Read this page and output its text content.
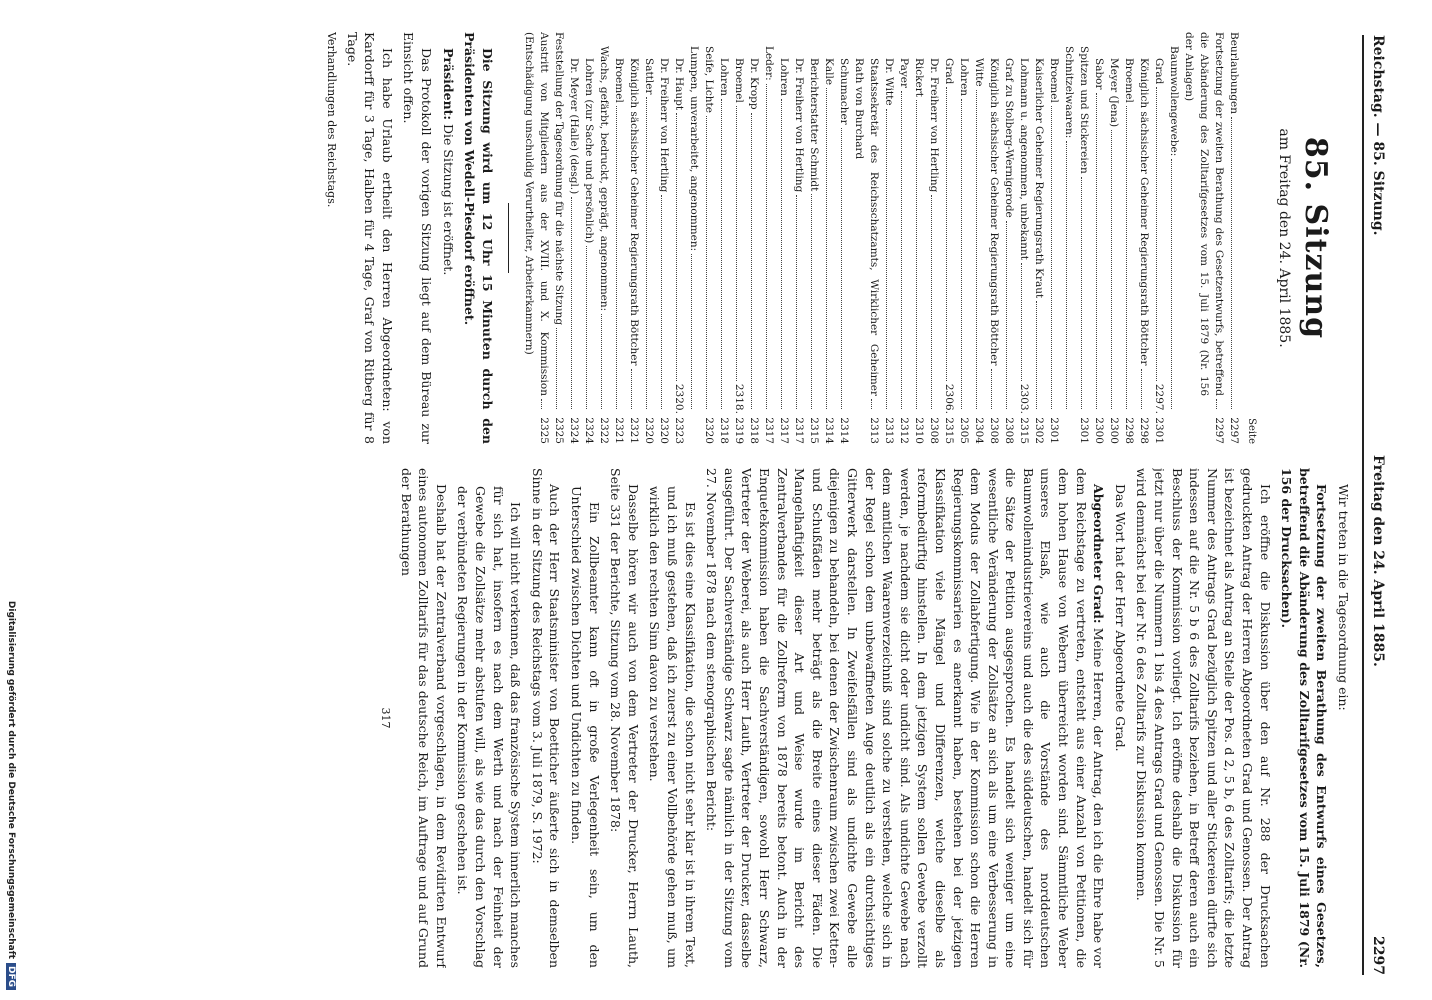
Reichstag. — 85. Sitzung.
Freitag den 24. April 1885.
2297
85. Sitzung
am Freitag den 24. April 1885.
Seite
Beurlaubungen
2297
Fortsetzung der zweiten Berathung des Gesetzentwurfs, betreffend die Abänderung des Zolltarifgesetzes vom 15. Juli 1879 (Nr. 156 der Anlagen)
2297
Baumwollengewebe:
Grad
2297. 2301
Königlich sächsischer Geheimer Regierungsrath Böttcher
2298
Broemel
2298
Meyer (Jena)
2300
Sabor
2300
Spitzen und Stickereien
2301
Schnitzelwaaren:
Broemel
2301
Kaiserlicher Geheimer Regierungsrath Kraut
2302
Lohmann u. angenommen, unbekannt
2303. 2315
Graf zu Stolberg-Wernigerode
2308
Königlich sächsischer Geheimer Regierungsrath Böttcher
2308
Witte
2304
Lohren
2305
Grad
2306. 2315
Dr. Freiherr von Hertling
2308
Rickert
2310
Payer
2312
Dr. Witte
2313
Staatssekretär des Reichsschatzamts, Wirklicher Geheimer Rath von Burchard
2313
Schumacher
2314
Kalle
2314
Berichterstatter Schmidt
2315
Dr. Freiherr von Hertling
2317
Lohren
2317
Leder:
2317
Dr. Kropp
2318
Broemel
2318. 2319
Lohren
2318
Seife, Lichte
2320
Lumpen, unverarbeitet, angenommen:
Dr. Haupt
2320. 2323
Dr. Freiherr von Hertling
2320
Sattler
2320
Königlich sächsischer Geheimer Regierungsrath Böttcher
2321
Broemel
2321
Wachs, gefärbt, bedruckt, geprägt, angenommen:
2322
Lohren (zur Sache und persönlich)
2324
Dr. Meyer (Halle) (desgl.)
2324
Feststellung der Tagesordnung für die nächste Sitzung
2325
Austritt von Mitgliedern aus der XVIII. und X. Kommission (Entschädigung unschuldig Verurtheilter, Arbeiterkammern)
2325

Die Sitzung wird um 12 Uhr 15 Minuten durch den Präsidenten von Wedell-Piesdorf eröffnet.

Präsident: Die Sitzung ist eröffnet.

Das Protokoll der vorigen Sitzung liegt auf dem Büreau zur Einsicht offen.

Ich habe Urlaub ertheilt den Herren Abgeordneten: von Kardorff für 3 Tage, Halben für 4 Tage, Graf von Ritberg für 8 Tage.

Verhandlungen des Reichstags.

Wir treten in die Tagesordnung ein:

Fortsetzung der zweiten Berathung des Entwurfs eines Gesetzes, betreffend die Abänderung des Zolltarifgesetzes vom 15. Juli 1879 (Nr. 156 der Drucksachen).

Ich eröffne die Diskussion über den auf Nr. 288 der Drucksachen gedruckten Antrag der Herren Abgeordneten Grad und Genossen. Der Antrag ist bezeichnet als Antrag an Stelle der Pos. d 2, 5 b, 6 des Zolltarifs; die letzte Nummer des Antrags Grad bezüglich Spitzen und aller Stickereien dürfte sich indessen auf die Nr. 5 b 6 des Zolltarifs beziehen, in Betreff deren auch ein Beschluss der Kommission vorliegt. Ich eröffne deshalb die Diskussion für jetzt nur über die Nummern 1 bis 4 des Antrags Grad und Genossen. Die Nr. 5 wird demnächst bei der Nr. 6 des Zolltarifs zur Diskussion kommen.

Das Wort hat der Herr Abgeordnete Grad.

Abgeordneter Grad: Meine Herren, der Antrag, den ich die Ehre habe vor dem Reichstage zu vertreten, entsteht aus einer Anzahl von Petitionen, die dem hohen Hause von Webern überreicht worden sind. Sämmtliche Weber unseres Elsaß, wie auch die Vorstände des norddeutschen Baumwollenindustrievereins und auch die des süddeutschen, handelt sich für die Sätze der Petition ausgesprochen. Es handelt sich weniger um eine wesentliche Veränderung der Zollsätze an sich als um eine Verbesserung in dem Modus der Zollabfertigung. Wie in der Kommission schon die Herren Regierungskommissarien es anerkannt haben, bestehen bei der jetzigen Klassifikation viele Mängel und Differenzen, welche dieselbe als reformbedürftig hinstellen. In dem jetzigen System sollen Gewebe verzollt werden, je nachdem sie dicht oder undicht sind. Als undichte Gewebe nach dem amtlichen Waarenverzeichniß sind solche zu verstehen, welche sich in der Regel schon dem unbewaffneten Auge deutlich als ein durchsichtiges Gitterwerk darstellen. In Zweifelsfällen sind als undichte Gewebe alle diejenigen zu behandeln, bei denen der Zwischenraum zwischen zwei Ketten- und Schußfäden mehr beträgt als die Breite eines dieser Fäden. Die Mangelhaftigkeit dieser Art und Weise wurde im Bericht des Zentralverbandes für die Zollreform von 1878 bereits betont. Auch in der Enquetekommission haben die Sachverständigen, sowohl Herr Schwarz, Vertreter der Weberei, als auch Herr Lauth, Vertreter der Drucker, dasselbe ausgeführt. Der Sachverständige Schwarz sagte nämlich in der Sitzung vom 27. November 1878 nach dem stenographischen Bericht:

Es ist dies eine Klassifikation, die schon nicht sehr klar ist in ihrem Text, und ich muß gestehen, daß ich zuerst zu einer Vollbehörde gehen muß, um wirklich den rechten Sinn davon zu verstehen.

Dasselbe hören wir auch von dem Vertreter der Drucker, Herrn Lauth, Seite 331 der Berichte, Sitzung vom 28. November 1878:

Ein Zollbeamter kann oft in große Verlegenheit sein, um den Unterschied zwischen Dichten und Undichten zu finden.

Auch der Herr Staatsminister von Boetticher äußerte sich in demselben Sinne in der Sitzung des Reichstags vom 3. Juli 1879, S. 1972:

Ich will nicht verkennen, daß das französische System innerlich manches für sich hat, insofern es nach dem Werth und nach der Feinheit der Gewebe die Zollsätze mehr abstufen will, als wie das durch den Vorschlag der verbündeten Regierungen in der Kommission geschehen ist.

Deshalb hat der Zentralverband vorgeschlagen, in dem Revidirten Entwurf eines autonomen Zolltarifs für das deutsche Reich, im Auftrage und auf Grund der Berathungen

317

Digitalisierung gefördert durch die Deutsche ForschungsgemeinschaftDFG
